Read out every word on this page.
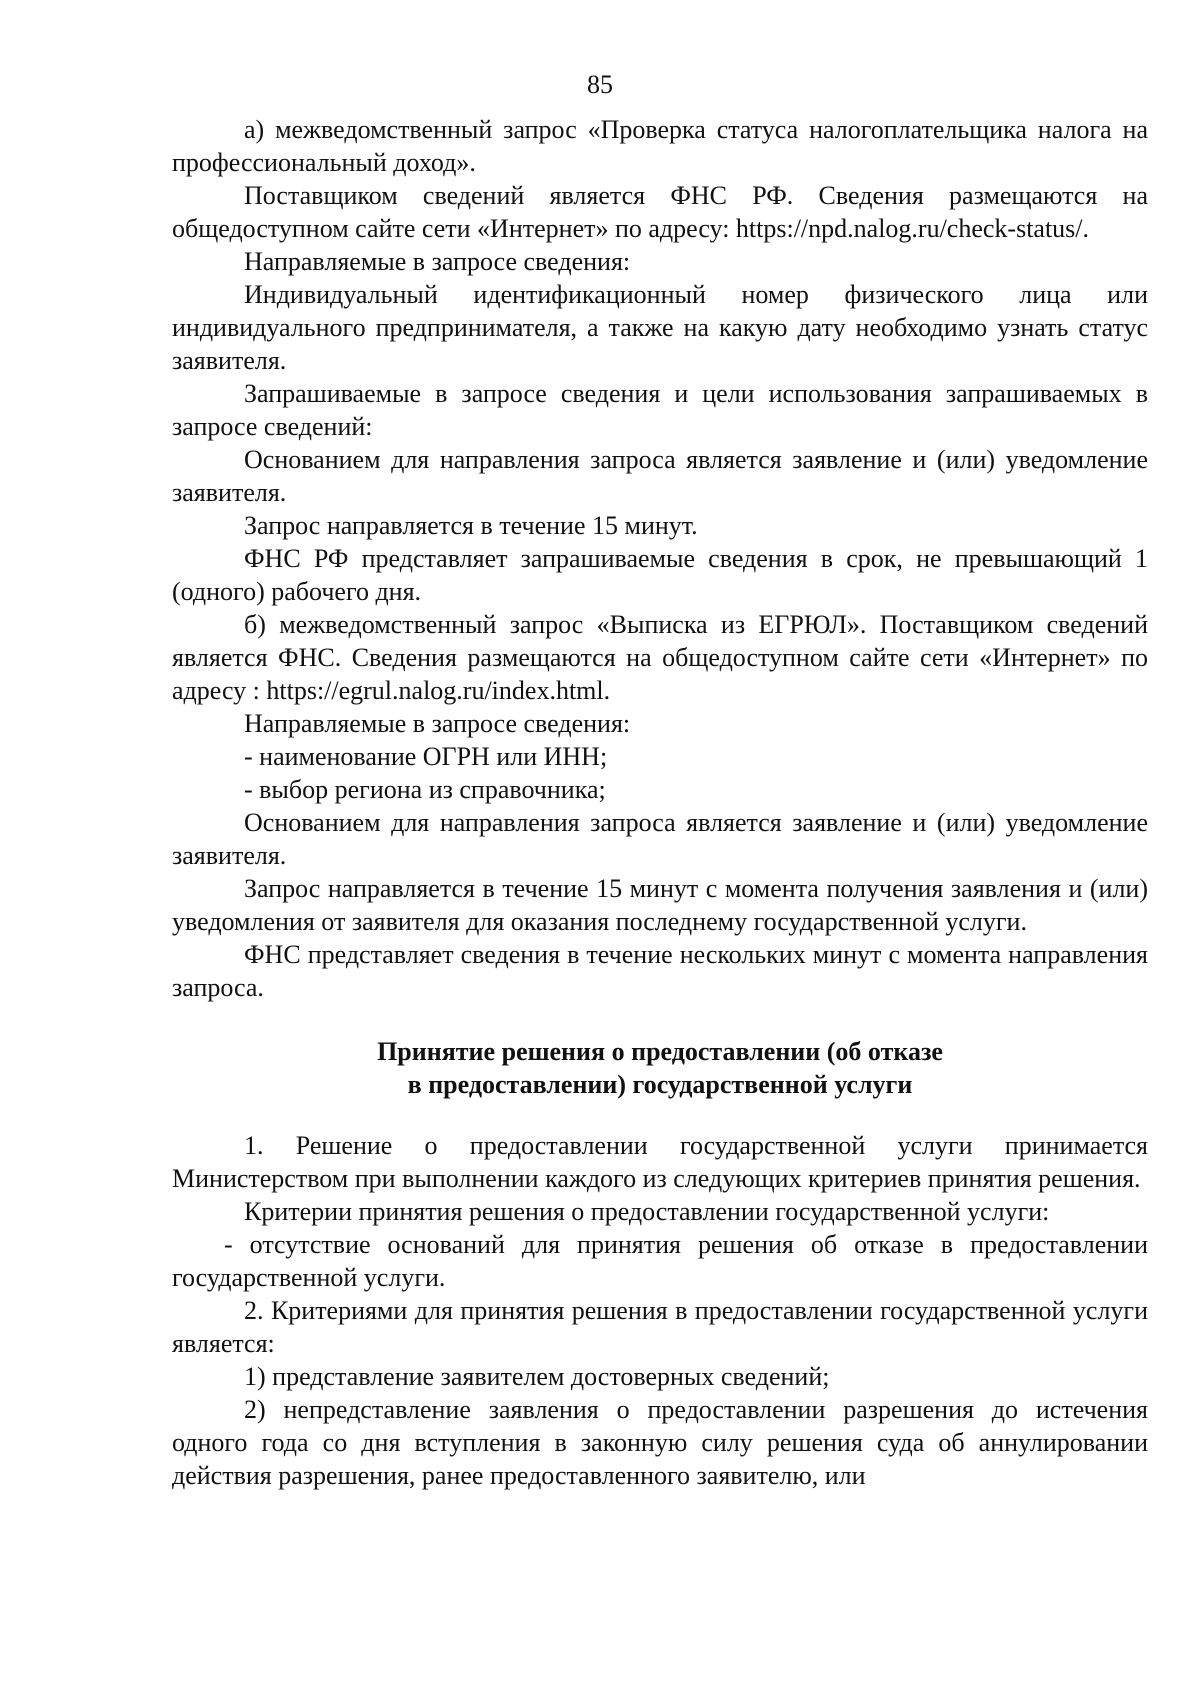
85

а) межведомственный запрос «Проверка статуса налогоплательщика налога на профессиональный доход».

Поставщиком сведений является ФНС РФ. Сведения размещаются на общедоступном сайте сети «Интернет» по адресу: https://npd.nalog.ru/check-status/.

Направляемые в запросе сведения:

Индивидуальный идентификационный номер физического лица или индивидуального предпринимателя, а также на какую дату необходимо узнать статус заявителя.

Запрашиваемые в запросе сведения и цели использования запрашиваемых в запросе сведений:

Основанием для направления запроса является заявление и (или) уведомление заявителя.

Запрос направляется в течение 15 минут.

ФНС РФ представляет запрашиваемые сведения в срок, не превышающий 1 (одного) рабочего дня.

б) межведомственный запрос «Выписка из ЕГРЮЛ». Поставщиком сведений является ФНС. Сведения размещаются на общедоступном сайте сети «Интернет» по адресу : https://egrul.nalog.ru/index.html.

Направляемые в запросе сведения:

- наименование ОГРН или ИНН;

- выбор региона из справочника;

Основанием для направления запроса является заявление и (или) уведомление заявителя.

Запрос направляется в течение 15 минут с момента получения заявления и (или) уведомления от заявителя для оказания последнему государственной услуги.

ФНС представляет сведения в течение нескольких минут с момента направления запроса.

Принятие решения о предоставлении (об отказе
в предоставлении) государственной услуги

1. Решение о предоставлении государственной услуги принимается Министерством при выполнении каждого из следующих критериев принятия решения.

Критерии принятия решения о предоставлении государственной услуги:

- отсутствие оснований для принятия решения об отказе в предоставлении государственной услуги.

2. Критериями для принятия решения в предоставлении государственной услуги является:

1) представление заявителем достоверных сведений;

2) непредставление заявления о предоставлении разрешения до истечения одного года со дня вступления в законную силу решения суда об аннулировании действия разрешения, ранее предоставленного заявителю, или
